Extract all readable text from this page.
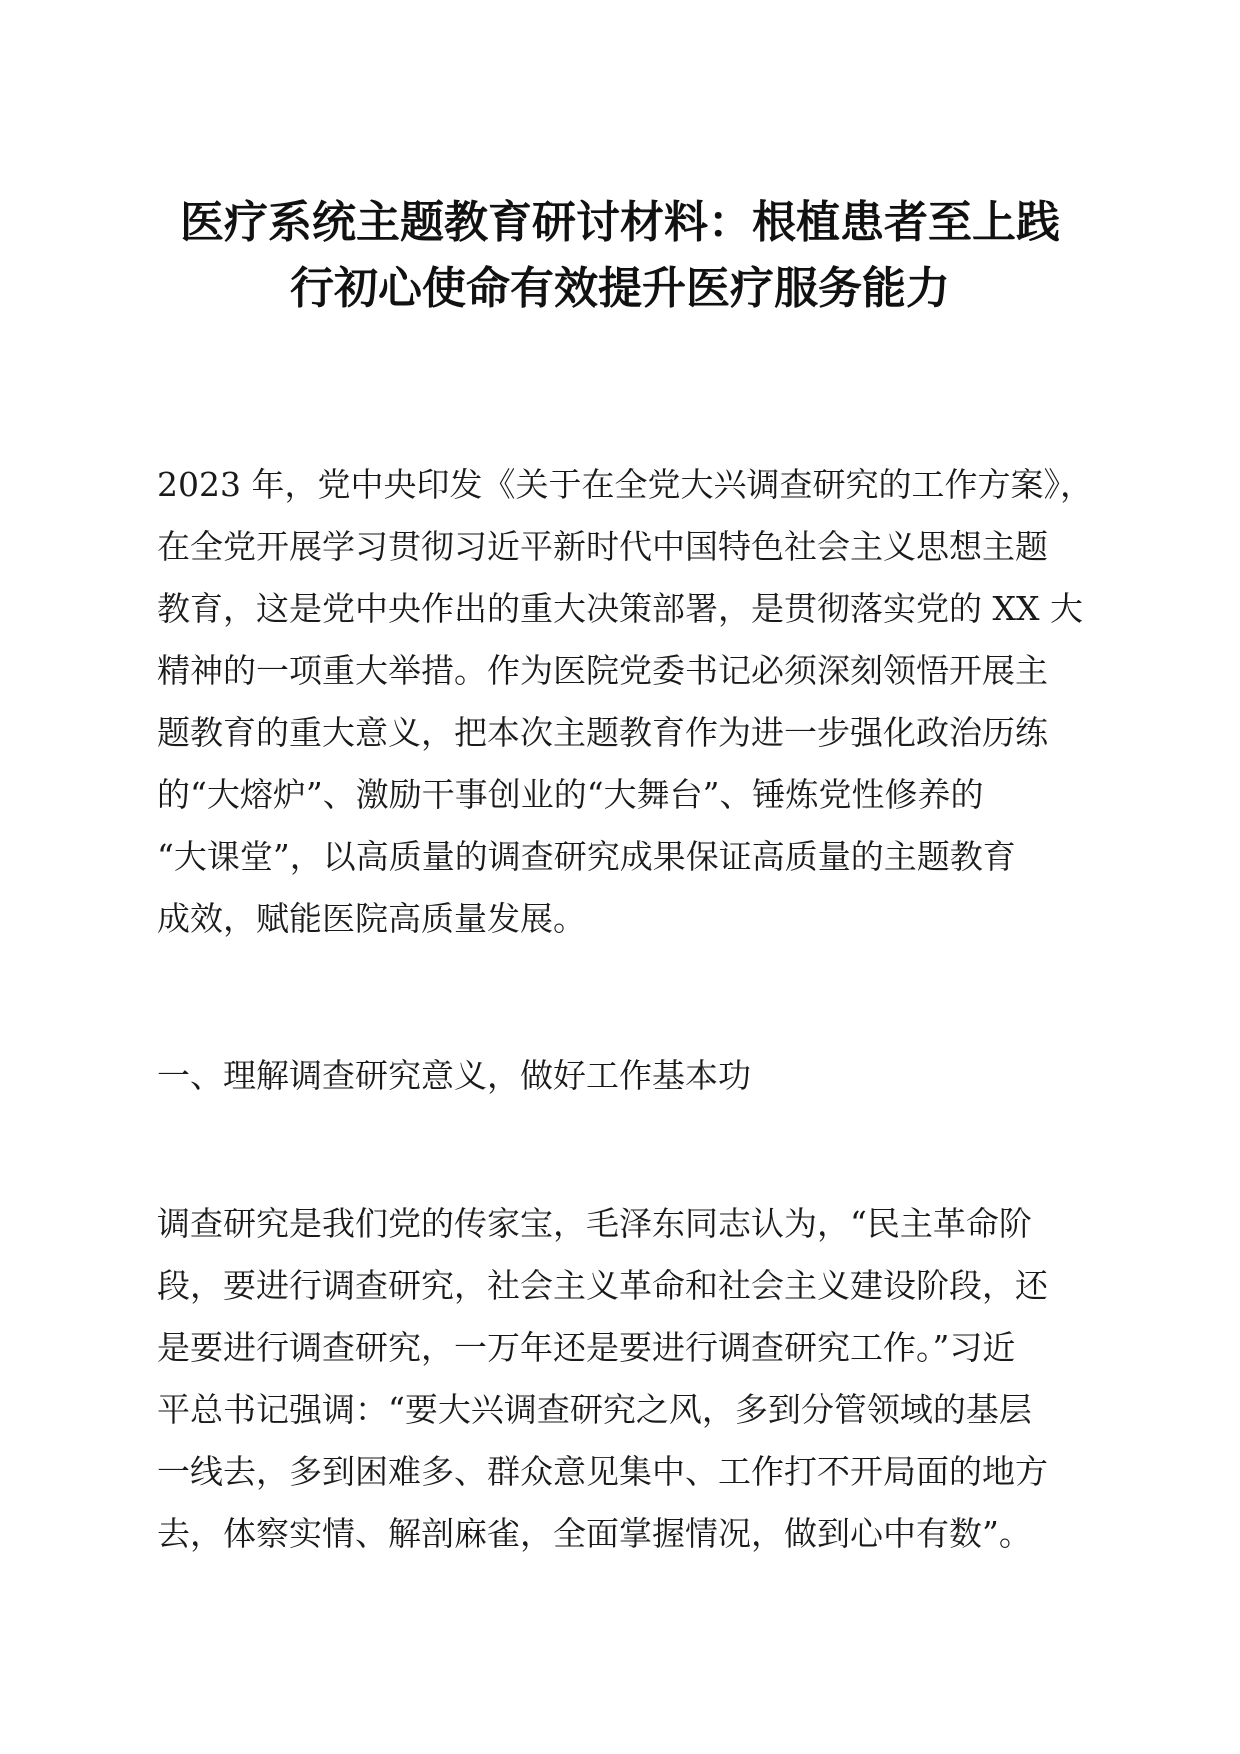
医疗系统主题教育研讨材料：根植患者至上践
行初心使命有效提升医疗服务能力
2023 年，党中央印发《关于在全党大兴调查研究的工作方案》，
在全党开展学习贯彻习近平新时代中国特色社会主义思想主题
教育，这是党中央作出的重大决策部署，是贯彻落实党的 XX 大
精神的一项重大举措。作为医院党委书记必须深刻领悟开展主
题教育的重大意义，把本次主题教育作为进一步强化政治历练
的“大熔炉”、激励干事创业的“大舞台”、锤炼党性修养的
“大课堂”，以高质量的调查研究成果保证高质量的主题教育
成效，赋能医院高质量发展。
一、理解调查研究意义，做好工作基本功
调查研究是我们党的传家宝，毛泽东同志认为，“民主革命阶
段，要进行调查研究，社会主义革命和社会主义建设阶段，还
是要进行调查研究，一万年还是要进行调查研究工作。”习近
平总书记强调：“要大兴调查研究之风，多到分管领域的基层
一线去，多到困难多、群众意见集中、工作打不开局面的地方
去，体察实情、解剖麻雀，全面掌握情况，做到心中有数”。
